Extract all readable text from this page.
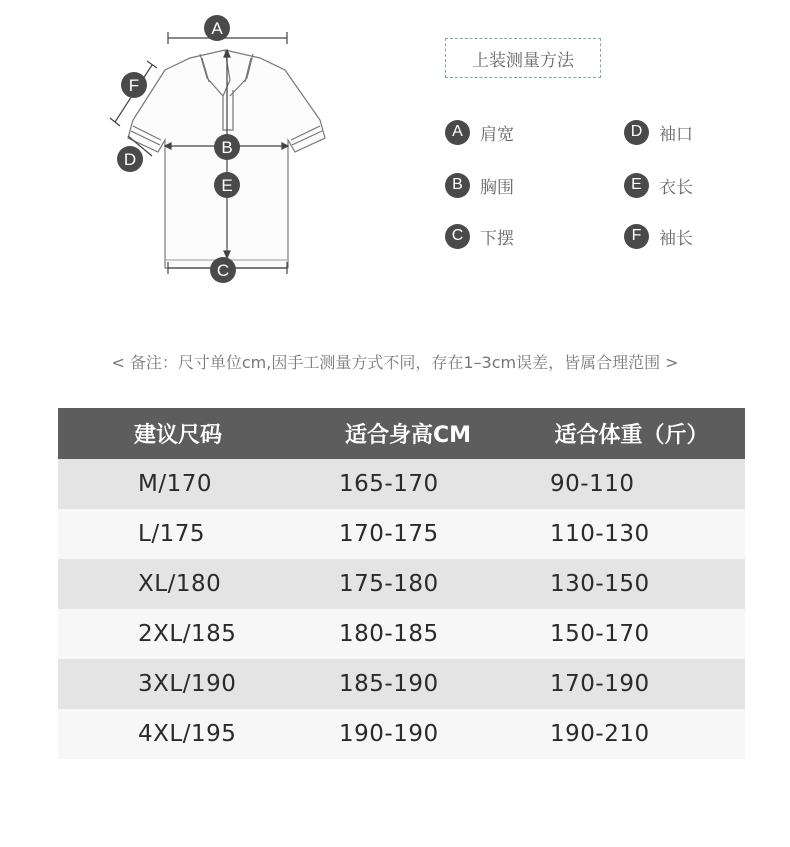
A
B
C
D
E
F
上装测量方法
A	肩宽	D 袖口
B	胸围	E	衣长
C 下摆	F	袖长
< 备注：尺寸单位cm,因手工测量方式不同，存在1–3cm误差，皆属合理范围 >
建议尺码	适合身高CM	适合体重（斤）
M/170	165-170	90-110
L/175	170-175	110-130
XL/180	175-180	130-150
2XL/185	180-185	150-170
3XL/190	185-190	170-190
4XL/195	190-190	190-210
